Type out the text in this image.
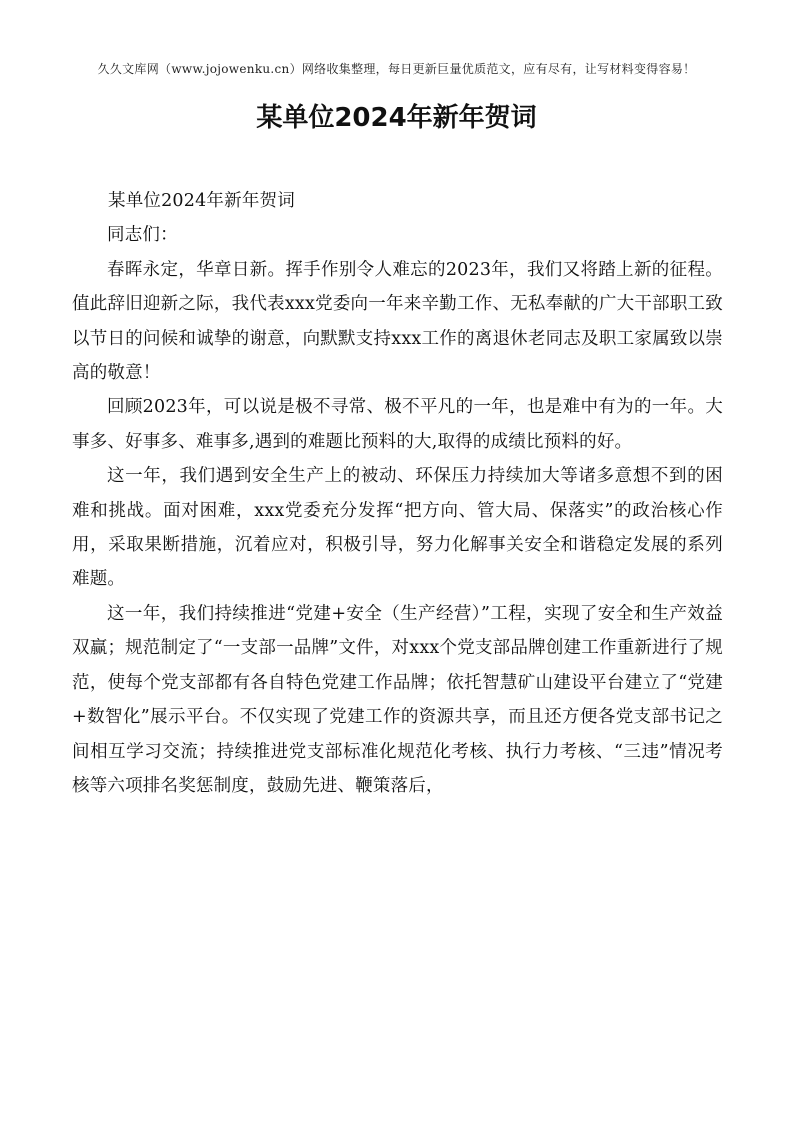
久久文库网（www.jojowenku.cn）网络收集整理，每日更新巨量优质范文，应有尽有，让写材料变得容易！
某单位2024年新年贺词

某单位2024年新年贺词

同志们：

春晖永定，华章日新。挥手作别令人难忘的2023年，我们又将踏上新的征程。值此辞旧迎新之际，我代表xxx党委向一年来辛勤工作、无私奉献的广大干部职工致以节日的问候和诚挚的谢意，向默默支持xxx工作的离退休老同志及职工家属致以崇高的敬意！

回顾2023年，可以说是极不寻常、极不平凡的一年，也是难中有为的一年。大事多、好事多、难事多,遇到的难题比预料的大,取得的成绩比预料的好。

这一年，我们遇到安全生产上的被动、环保压力持续加大等诸多意想不到的困难和挑战。面对困难，xxx党委充分发挥“把方向、管大局、保落实”的政治核心作用，采取果断措施，沉着应对，积极引导，努力化解事关安全和谐稳定发展的系列难题。

这一年，我们持续推进“党建+安全（生产经营）”工程，实现了安全和生产效益双赢；规范制定了“一支部一品牌”文件，对xxx个党支部品牌创建工作重新进行了规范，使每个党支部都有各自特色党建工作品牌；依托智慧矿山建设平台建立了“党建+数智化”展示平台。不仅实现了党建工作的资源共享，而且还方便各党支部书记之间相互学习交流；持续推进党支部标准化规范化考核、执行力考核、“三违”情况考核等六项排名奖惩制度，鼓励先进、鞭策落后，
